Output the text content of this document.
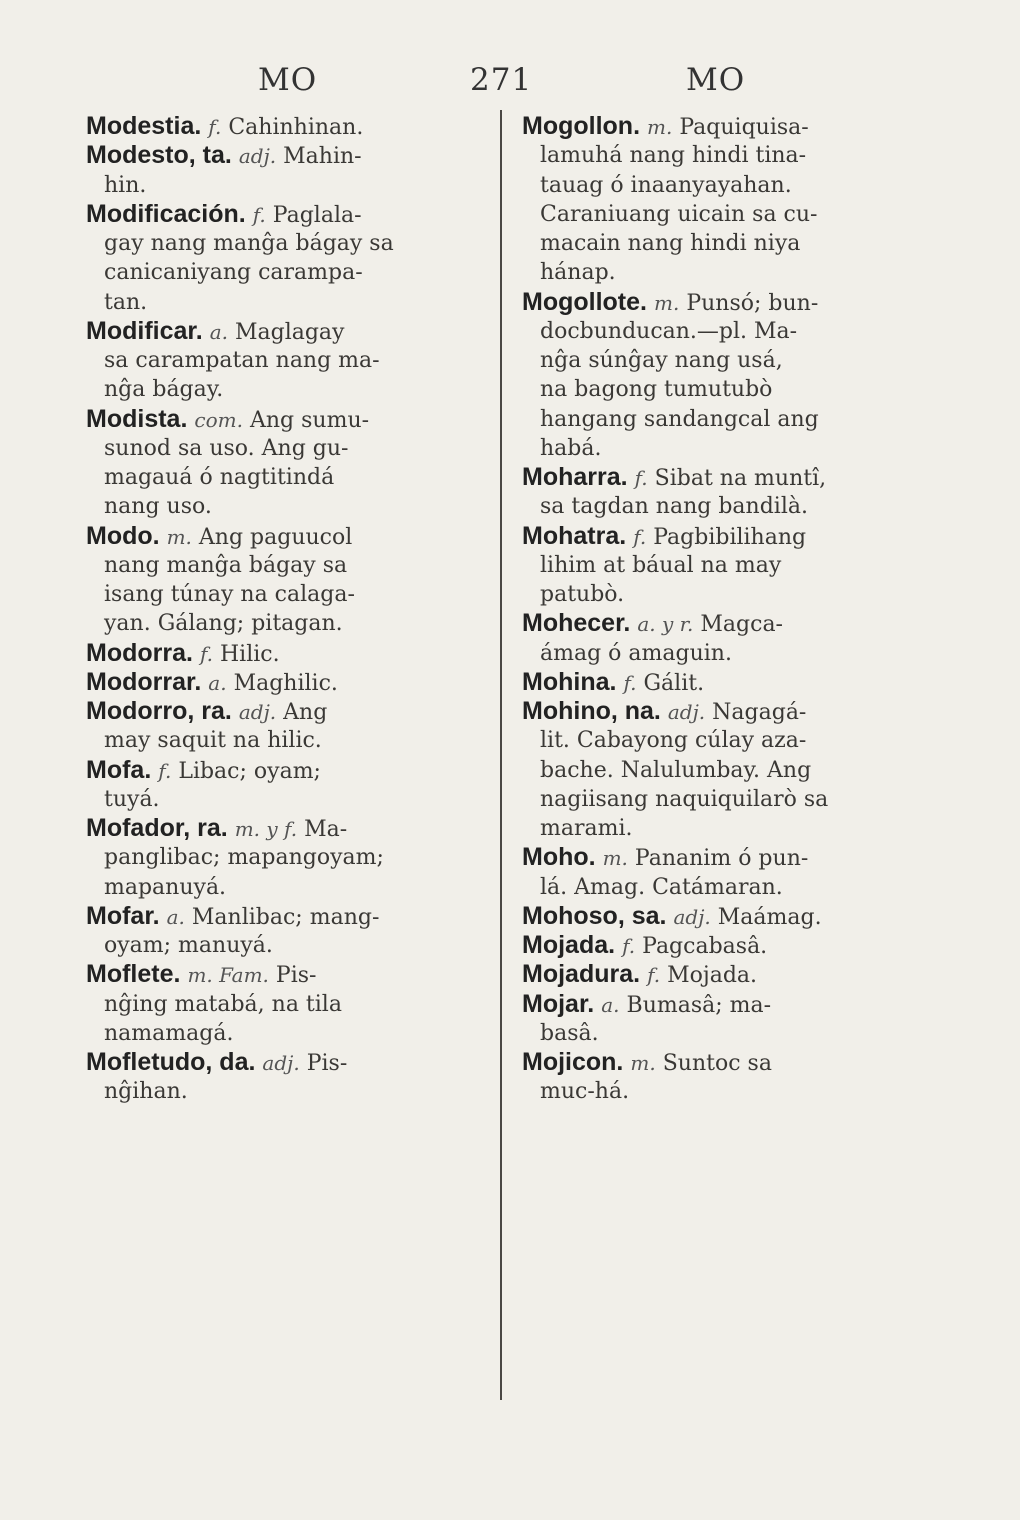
MO	271	MO
Modestia. f. Cahinhinan.
Modesto, ta. adj. Mahin-
hin.
Modificación. f. Paglala-
gay nang manĝa bágay sa
canicaniyang carampa-
tan.
Modificar. a. Maglagay
sa carampatan nang ma-
nĝa bágay.
Modista. com. Ang sumu-
sunod sa uso. Ang gu-
magauá ó nagtitindá
nang uso.
Modo. m. Ang paguucol
nang manĝa bágay sa
isang túnay na calaga-
yan. Gálang; pitagan.
Modorra. f. Hilic.
Modorrar. a. Maghilic.
Modorro, ra. adj. Ang
may saquit na hilic.
Mofa. f. Libac; oyam;
tuyá.
Mofador, ra. m. y f. Ma-
panglibac; mapangoyam;
mapanuyá.
Mofar. a. Manlibac; mang-
oyam; manuyá.
Moflete. m. Fam. Pis-
nĝing matabá, na tila
namamagá.
Mofletudo, da. adj. Pis-
nĝihan.
Mogollon. m. Paquiquisa-
lamuhá nang hindi tina-
tauag ó inaanyayahan.
Caraniuang uicain sa cu-
macain nang hindi niya
hánap.
Mogollote. m. Punsó; bun-
docbunducan.—pl. Ma-
nĝa súnĝay nang usá,
na bagong tumutubò
hangang sandangcal ang
habá.
Moharra. f. Sibat na muntî,
sa tagdan nang bandilà.
Mohatra. f. Pagbibilihang
lihim at báual na may
patubò.
Mohecer. a. y r. Magca-
ámag ó amaguin.
Mohina. f. Gálit.
Mohino, na. adj. Nagagá-
lit. Cabayong cúlay aza-
bache. Nalulumbay. Ang
nagiisang naquiquilarò sa
marami.
Moho. m. Pananim ó pun-
lá. Amag. Catámaran.
Mohoso, sa. adj. Maámag.
Mojada. f. Pagcabasâ.
Mojadura. f. Mojada.
Mojar. a. Bumasâ; ma-
basâ.
Mojicon. m. Suntoc sa
muc-há.
